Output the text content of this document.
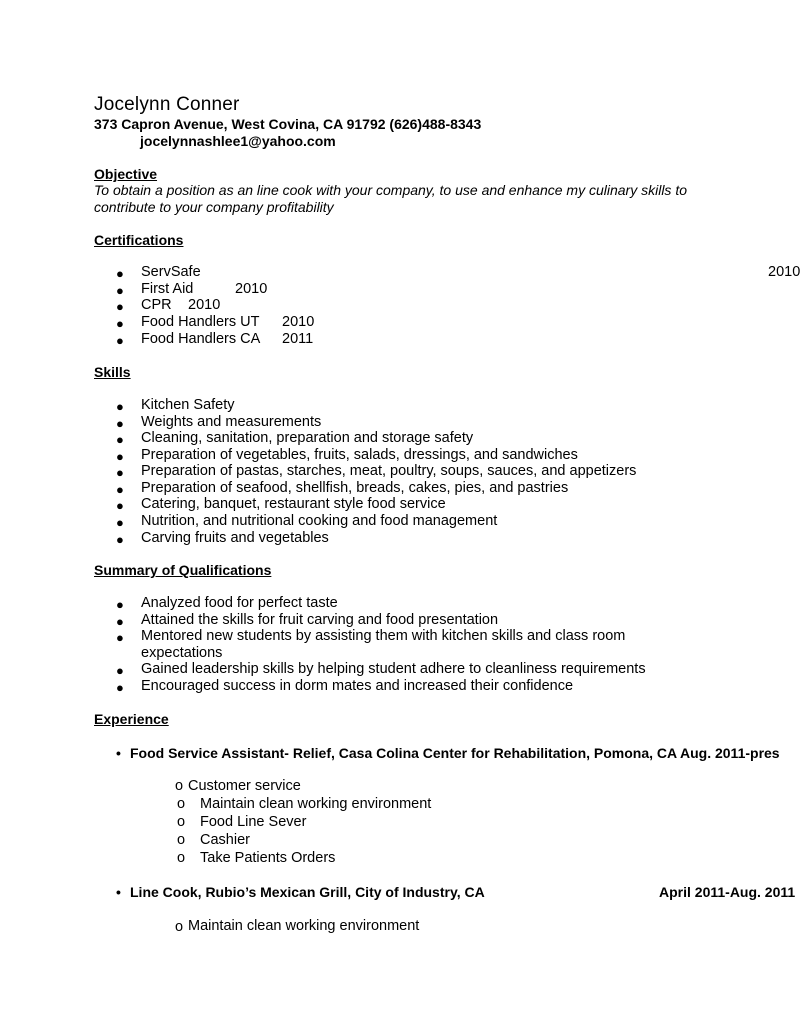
Jocelynn Conner
373 Capron Avenue, West Covina, CA 91792 (626)488-8343
jocelynnashlee1@yahoo.com
Objective
To obtain a position as an line cook with your company, to use and enhance my culinary skills to
contribute to your company profitability
Certifications
● ServSafe	2010
● First Aid	2010
● CPR 2010
● Food Handlers UT 2010
● Food Handlers CA 2011
Skills
● Kitchen Safety
● Weights and measurements
● Cleaning, sanitation, preparation and storage safety
● Preparation of vegetables, fruits, salads, dressings, and sandwiches
● Preparation of pastas, starches, meat, poultry, soups, sauces, and appetizers
● Preparation of seafood, shellfish, breads, cakes, pies, and pastries
● Catering, banquet, restaurant style food service
● Nutrition, and nutritional cooking and food management
● Carving fruits and vegetables
Summary of Qualifications
● Analyzed food for perfect taste
● Attained the skills for fruit carving and food presentation
● Mentored new students by assisting them with kitchen skills and class room
expectations
● Gained leadership skills by helping student adhere to cleanliness requirements
● Encouraged success in dorm mates and increased their confidence
Experience
• Food Service Assistant- Relief, Casa Colina Center for Rehabilitation, Pomona, CA Aug. 2011-pres
o Customer service
o Maintain clean working environment
o Food Line Sever
o Cashier
o Take Patients Orders
• Line Cook, Rubio’s Mexican Grill, City of Industry, CA	April 2011-Aug. 2011
o Maintain clean working environment
